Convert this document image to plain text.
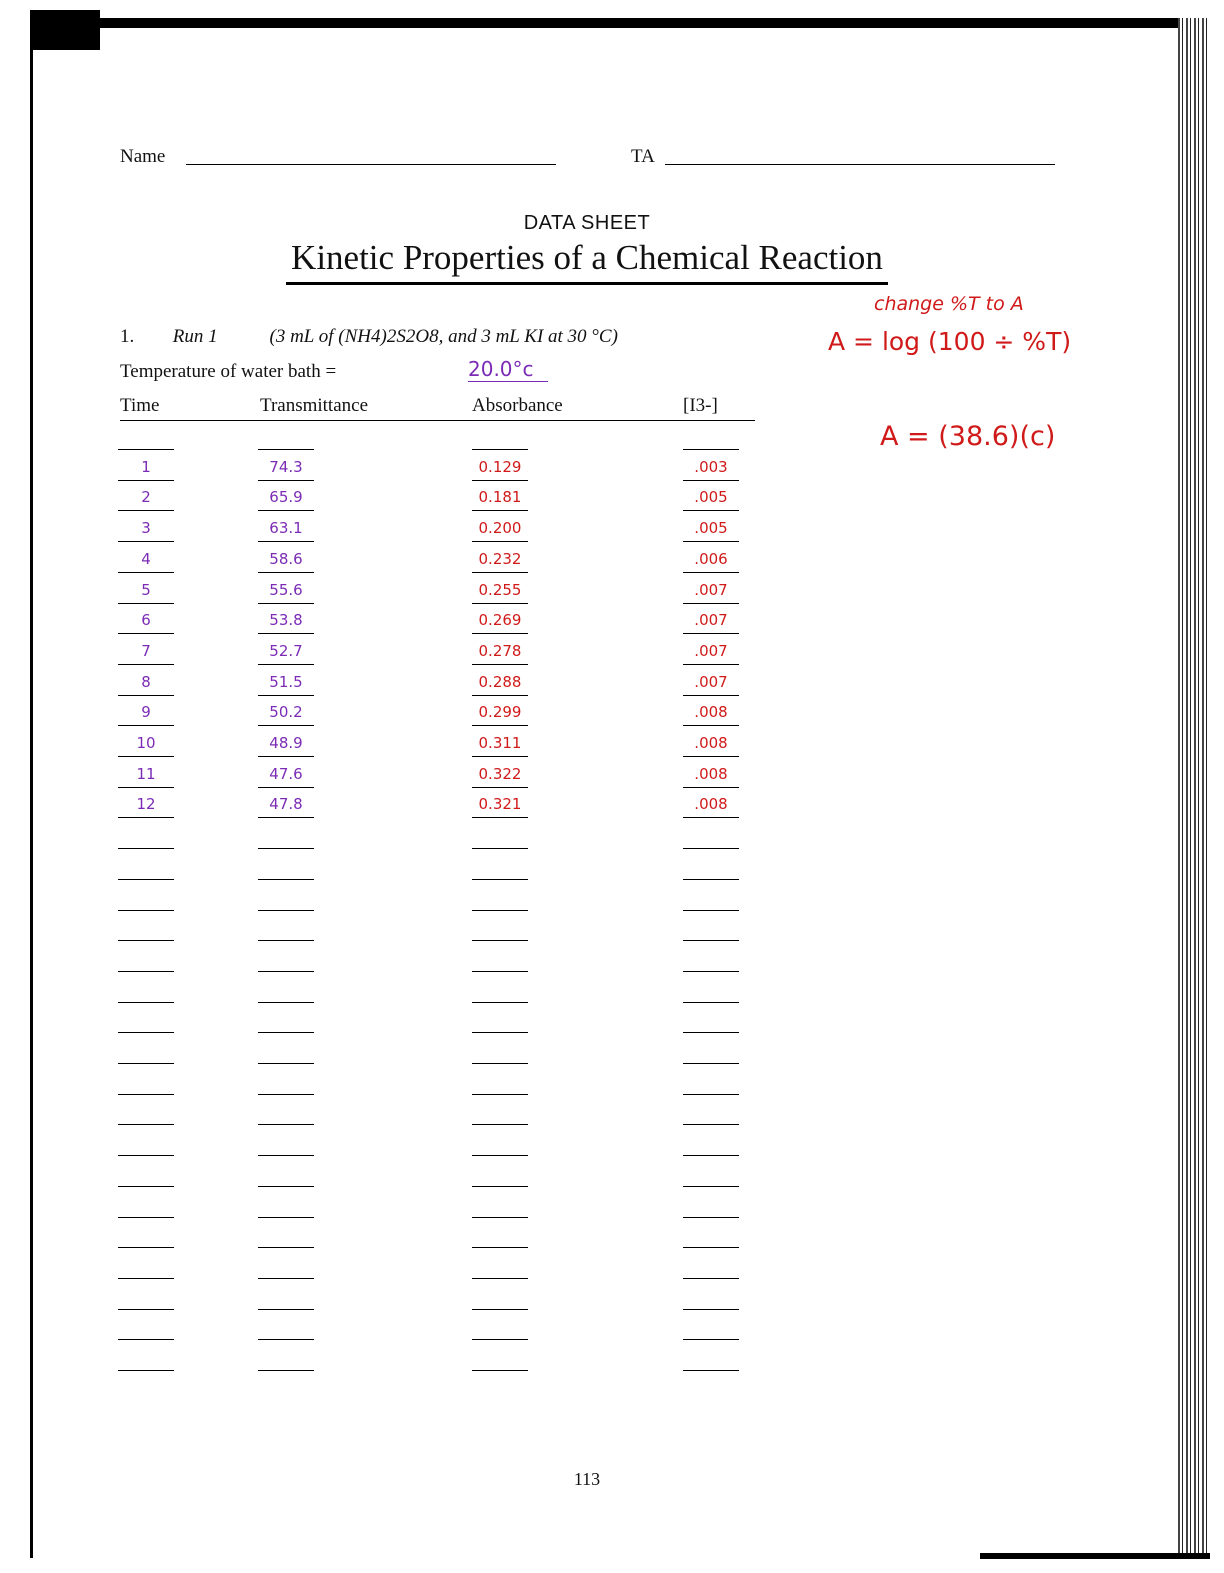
Name	TA
DATA SHEET
Kinetic Properties of a Chemical Reaction
1. Run 1	(3 mL of (NH4)2S2O8, and 3 mL KI at 30 °C)
Temperature of water bath =	20.0°c
Time	Transmittance	Absorbance	[I3-]
change %T to A
A = log (100 ÷ %T)
A = (38.6)(c)
1	74.3	0.129	.003
2	65.9	0.181	.005
3	63.1	0.200	.005
4	58.6	0.232	.006
5	55.6	0.255	.007
6	53.8	0.269	.007
7	52.7	0.278	.007
8	51.5	0.288	.007
9	50.2	0.299	.008
10	48.9	0.311	.008
11	47.6	0.322	.008
12	47.8	0.321	.008
113
